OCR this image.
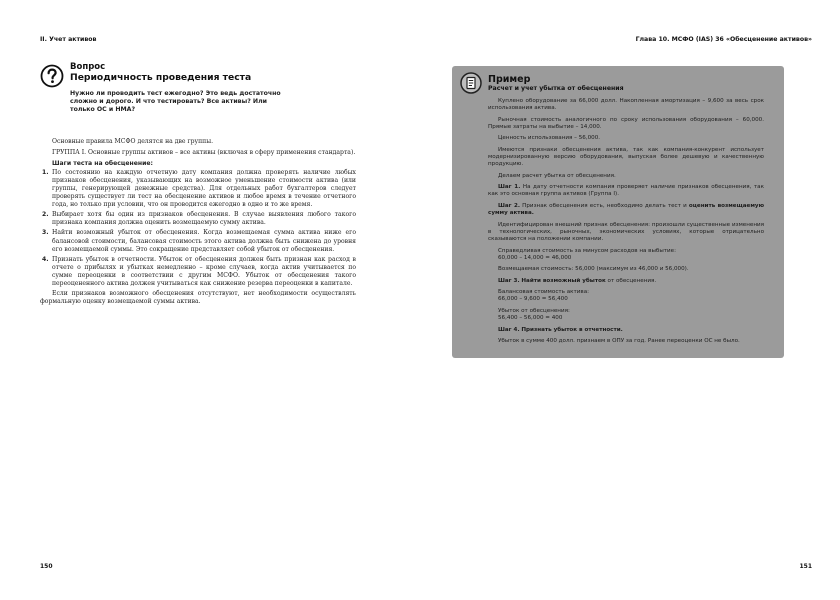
II. Учет активов
Вопрос
Периодичность проведения теста
Нужно ли проводить тест ежегодно? Это ведь достаточно сложно и дорого. И что тестировать? Все активы? Или только ОС и НМА?

Основные правила МСФО делятся на две группы.

ГРУППА I. Основные группы активов – все активы (включая в сферу применения стандарта).

Шаги теста на обесценение:

1. По состоянию на каждую отчетную дату компания должна проверять наличие любых признаков обесценения, указывающих на возможное уменьшение стоимости актива (или группы, генерирующей денежные средства). Для отдельных работ бухгалтеров следует проверять существует ли тест на обесценение активов и любое время в течение отчетного года, но только при условии, что он проводится ежегодно в одно и то же время.
2. Выбирает хотя бы один из признаков обесценения. В случае выявления любого такого признака компания должна оценить возмещаемую сумму актива.
3. Найти возможный убыток от обесценения. Когда возмещаемая сумма актива ниже его балансовой стоимости, балансовая стоимость этого актива должна быть снижена до уровня его возмещаемой суммы. Это сокращение представляет собой убыток от обесценения.
4. Признать убыток в отчетности. Убыток от обесценения должен быть признан как расход в отчете о прибылях и убытках немедленно – кроме случаев, когда актив учитывается по сумме переоценки в соответствии с другим МСФО. Убыток от обесценения такого переоцененного актива должен учитываться как снижение резерва переоценки в капитале.

Если признаков возможного обесценения отсутствуют, нет необходимости осуществлять формальную оценку возмещаемой суммы актива.

150
Глава 10. МСФО (IAS) 36 «Обесценение активов»
151
Пример
Расчет и учет убытка от обесценения

Куплено оборудование за 66,000 долл. Накопленная амортизация – 9,600 за весь срок использования актива.

Рыночная стоимость аналогичного по сроку использования оборудования – 60,000. Прямые затраты на выбытие – 14,000.

Ценность использования – 56,000.

Имеются признаки обесценения актива, так как компания-конкурент использует модернизированную версию оборудования, выпуская более дешевую и качественную продукцию.

Делаем расчет убытка от обесценения.

Шаг 1. На дату отчетности компания проверяет наличие признаков обесценения, так как это основная группа активов (Группа I).

Шаг 2. Признак обесценения есть, необходимо делать тест и оценить возмещаемую сумму актива.

Идентифицирован внешний признак обесценения: произошли существенные изменения в технологических, рыночных, экономических условиях, которые отрицательно сказываются на положении компании.

Справедливая стоимость за минусом расходов на выбытие:
60,000 – 14,000 = 46,000

Возмещаемая стоимость: 56,000 (максимум из 46,000 и 56,000).

Шаг 3. Найти возможный убыток от обесценения.

Балансовая стоимость актива:
66,000 – 9,600 = 56,400

Убыток от обесценения:
56,400 – 56,000 = 400

Шаг 4. Признать убыток в отчетности.

Убыток в сумме 400 долл. признаем в ОПУ за год. Ранее переоценки ОС не было.
